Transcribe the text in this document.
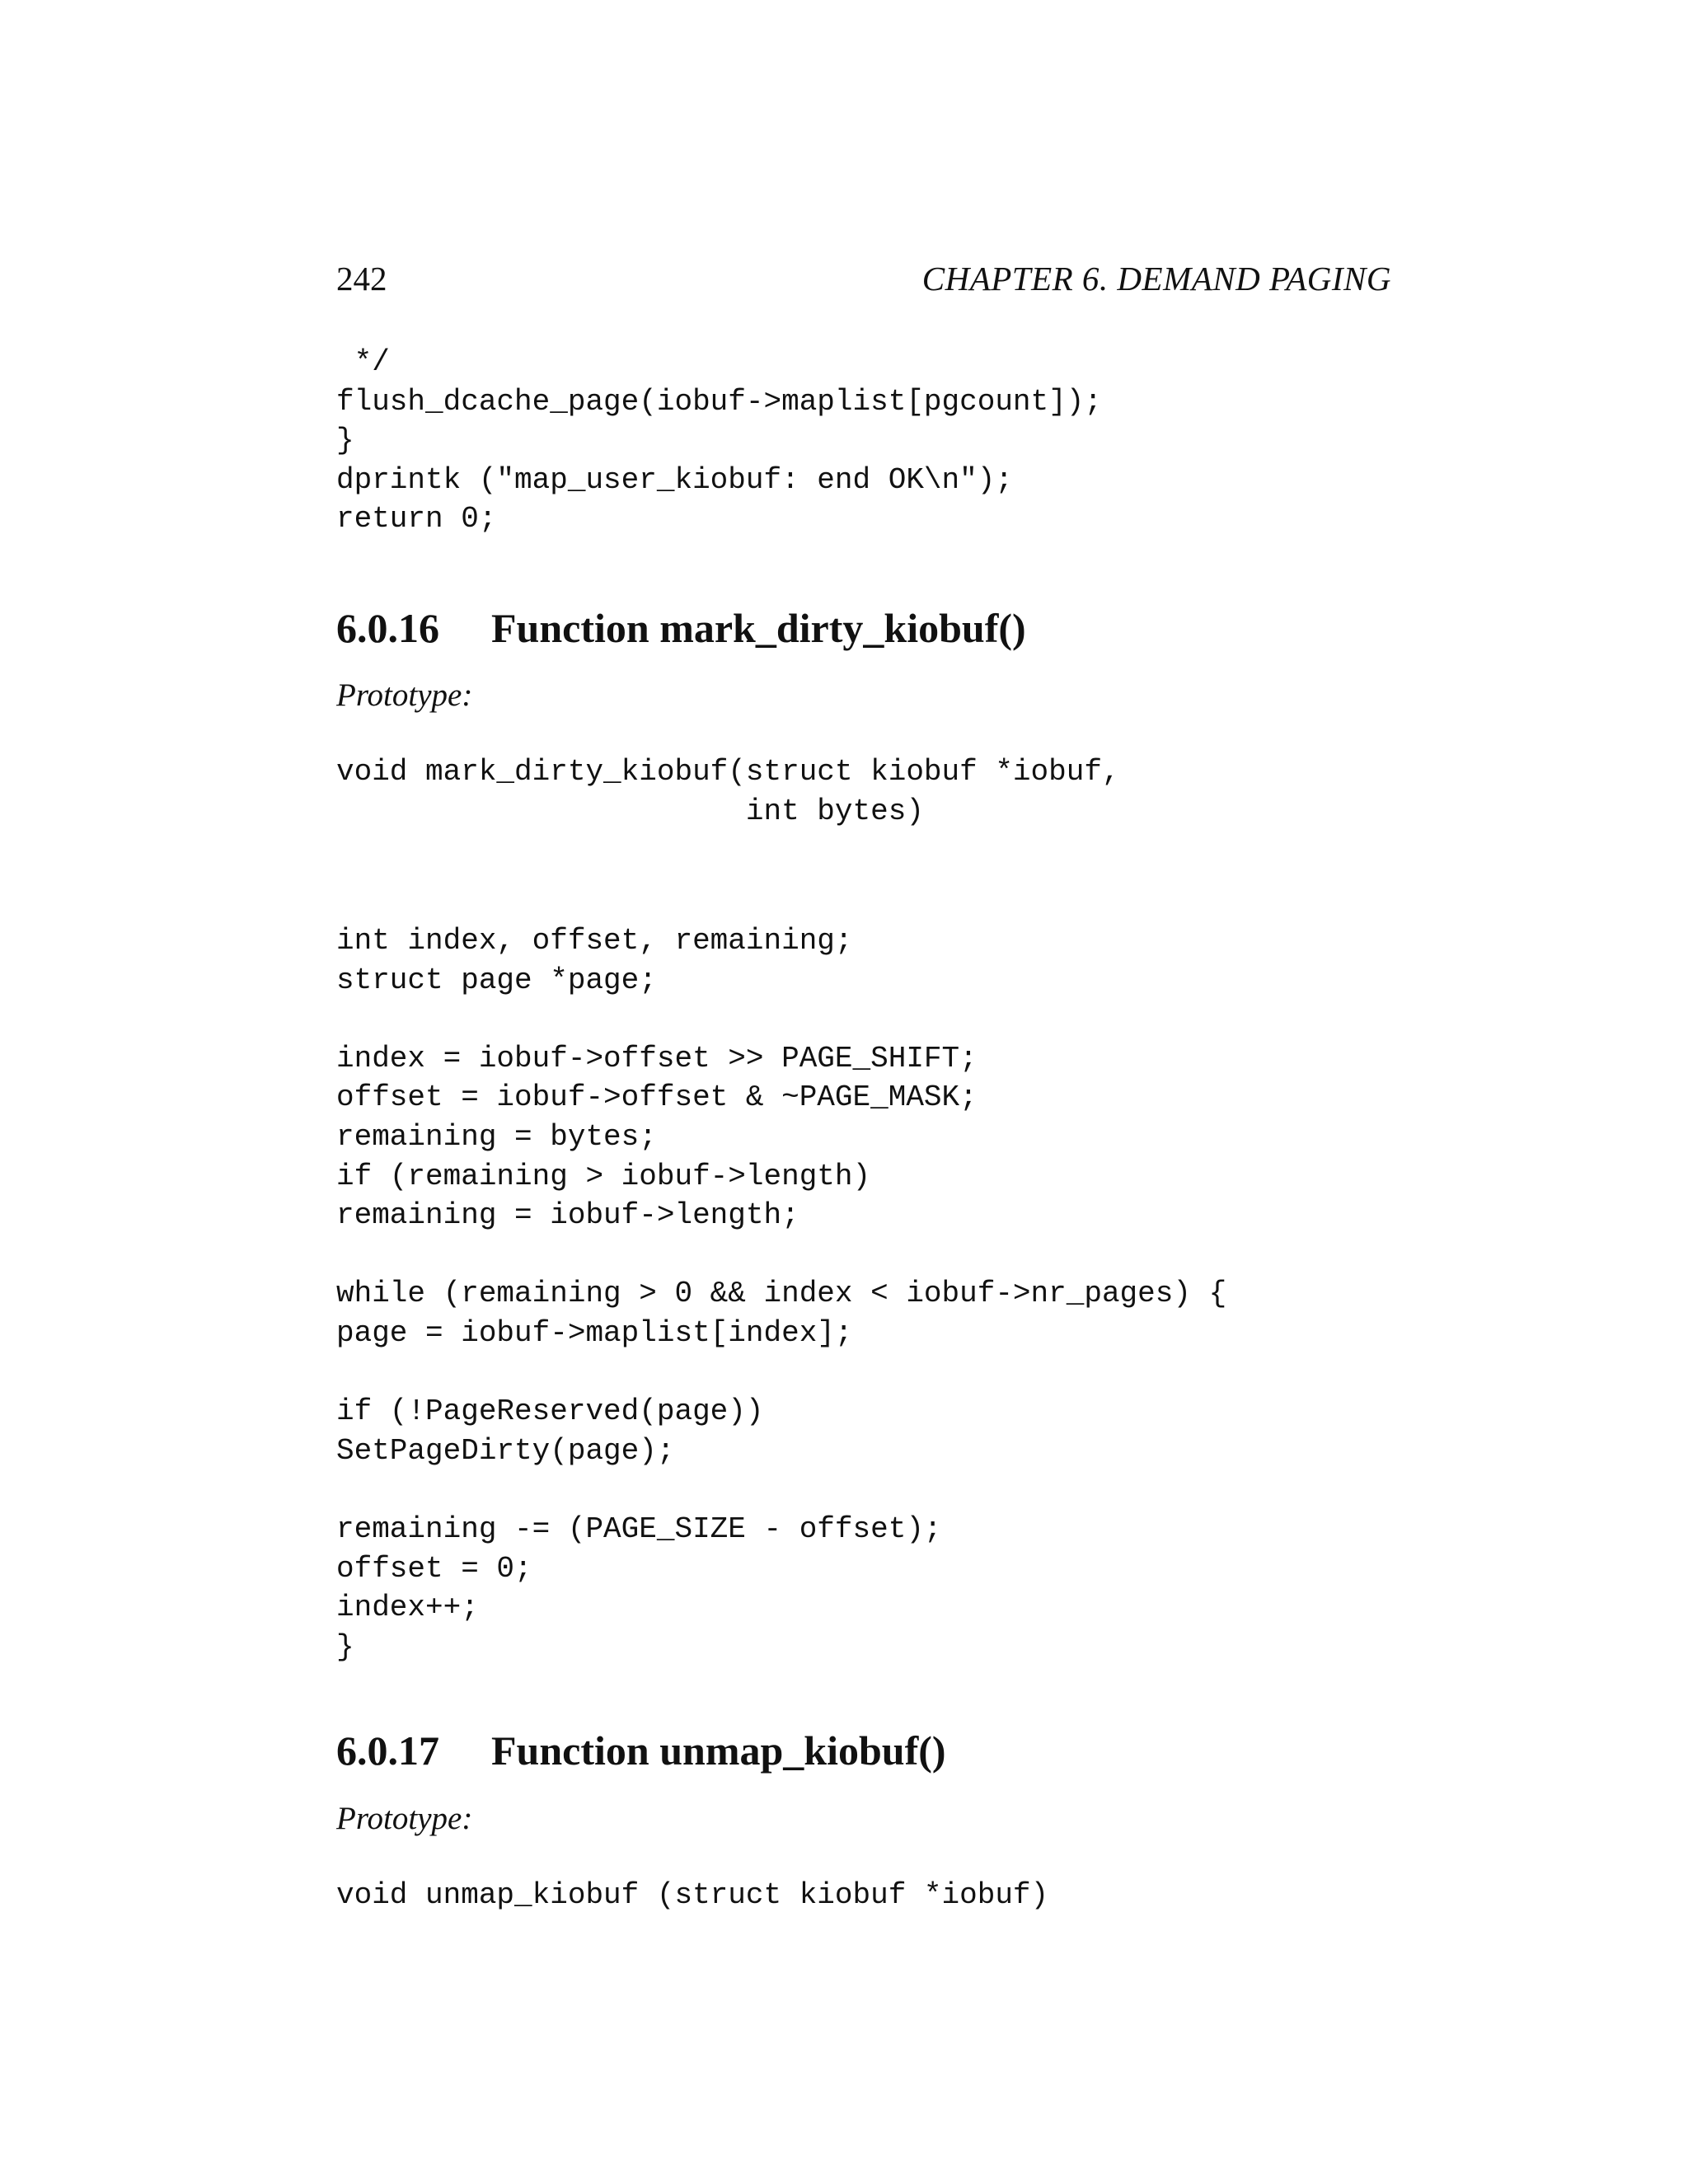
242	CHAPTER 6. DEMAND PAGING
*/
flush_dcache_page(iobuf->maplist[pgcount]);
}
dprintk ("map_user_kiobuf: end OK\n");
return 0;
6.0.16 Function mark_dirty_kiobuf()
Prototype:
void mark_dirty_kiobuf(struct kiobuf *iobuf,
int bytes)
int index, offset, remaining;
struct page *page;
index = iobuf->offset >> PAGE_SHIFT;
offset = iobuf->offset & ~PAGE_MASK;
remaining = bytes;
if (remaining > iobuf->length)
remaining = iobuf->length;
while (remaining > 0 && index < iobuf->nr_pages) {
page = iobuf->maplist[index];
if (!PageReserved(page))
SetPageDirty(page);
remaining -= (PAGE_SIZE - offset);
offset = 0;
index++;
}
6.0.17 Function unmap_kiobuf()
Prototype:
void unmap_kiobuf (struct kiobuf *iobuf)
